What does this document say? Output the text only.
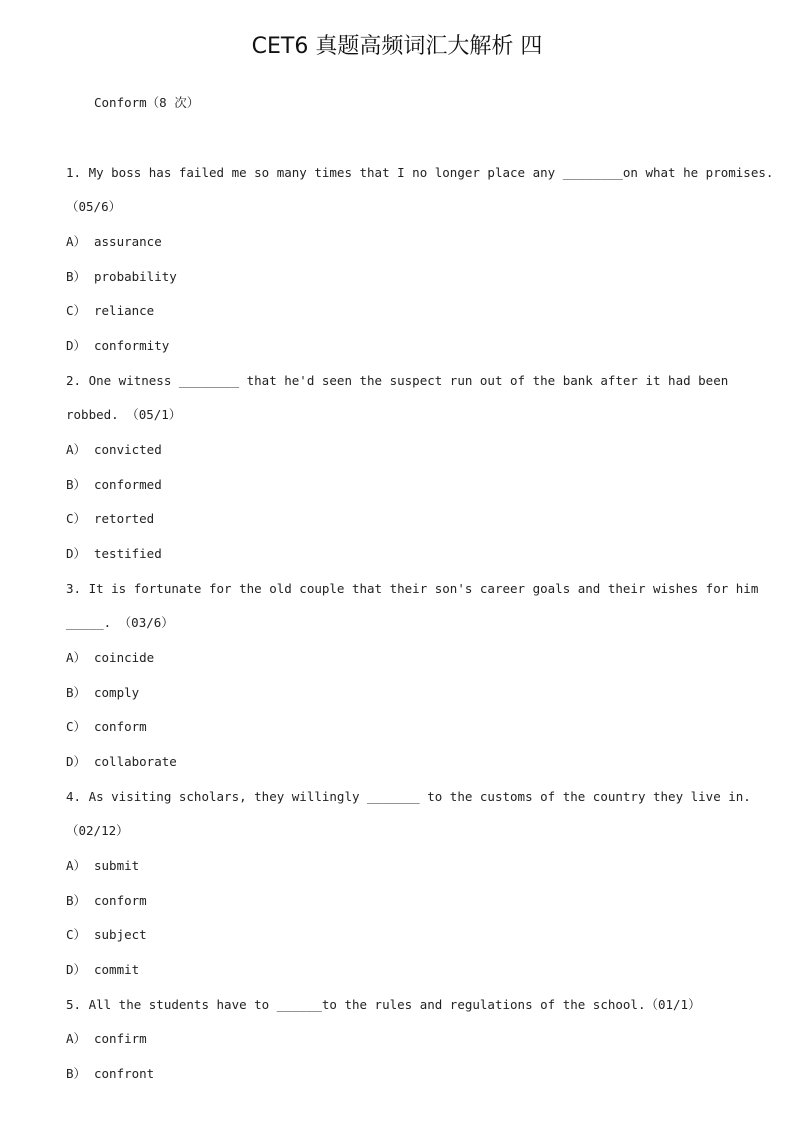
CET6 真题高频词汇大解析 四
Conform（8 次）
1. My boss has failed me so many times that I no longer place any ________on what he promises.
（05/6）
A） assurance
B） probability
C） reliance
D） conformity
2. One witness ________ that he'd seen the suspect run out of the bank after it had been
robbed. （05/1）
A） convicted
B） conformed
C） retorted
D） testified
3. It is fortunate for the old couple that their son's career goals and their wishes for him
_____. （03/6）
A） coincide
B） comply
C） conform
D） collaborate
4. As visiting scholars, they willingly _______ to the customs of the country they live in.
（02/12）
A） submit
B） conform
C） subject
D） commit
5. All the students have to ______to the rules and regulations of the school.（01/1）
A） confirm
B） confront
